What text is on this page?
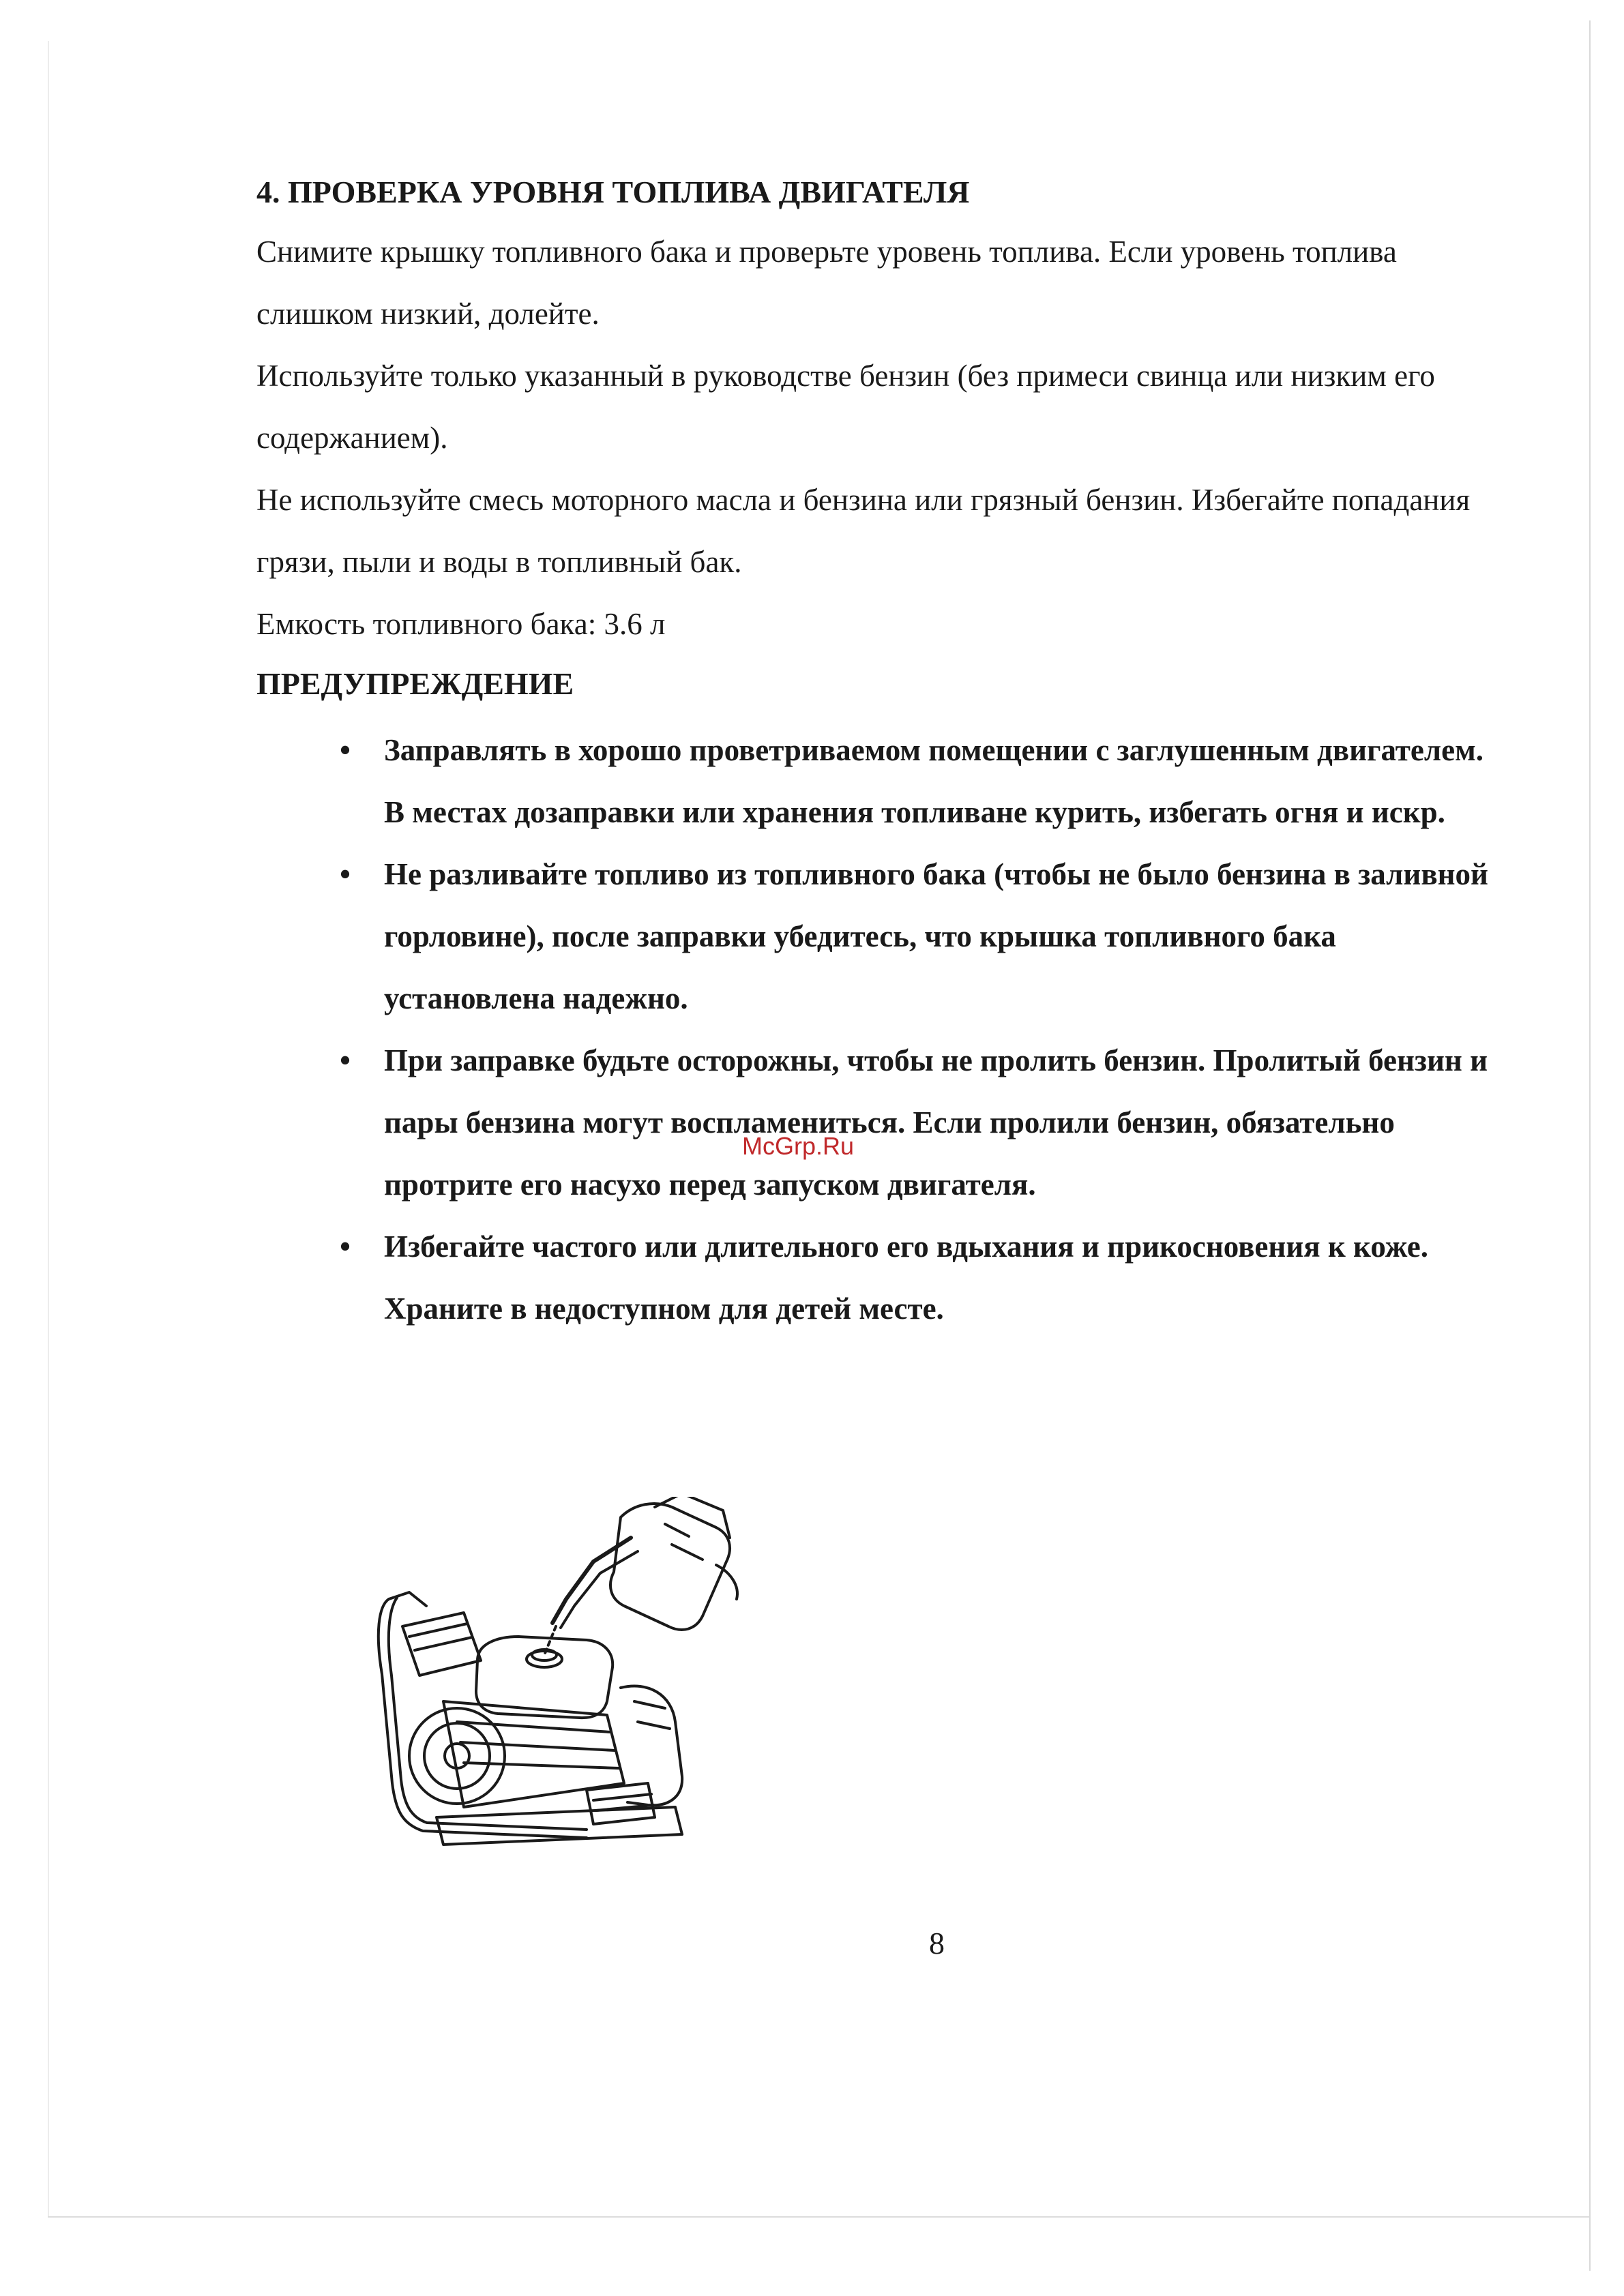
4. ПРОВЕРКА УРОВНЯ ТОПЛИВА ДВИГАТЕЛЯ

Снимите крышку топливного бака и проверьте уровень топлива. Если уровень топлива слишком низкий, долейте.

Используйте только указанный в руководстве бензин (без примеси свинца или низким его содержанием).

Не используйте смесь моторного масла и бензина или грязный бензин. Избегайте попадания грязи, пыли и воды в топливный бак.

Емкость топливного бака: 3.6 л

ПРЕДУПРЕЖДЕНИЕ
• Заправлять в хорошо проветриваемом помещении с заглушенным двигателем. В местах дозаправки или хранения топливане курить, избегать огня и искр.
• Не разливайте топливо из топливного бака (чтобы не было бензина в заливной горловине), после заправки убедитесь, что крышка топливного бака установлена надежно.
• При заправке будьте осторожны, чтобы не пролить бензин. Пролитый бензин и пары бензина могут воспламениться. Если пролили бензин, обязательно протрите его насухо перед запуском двигателя.
• Избегайте частого или длительного его вдыхания и прикосновения к коже. Храните в недоступном для детей месте.
McGrp.Ru
8
